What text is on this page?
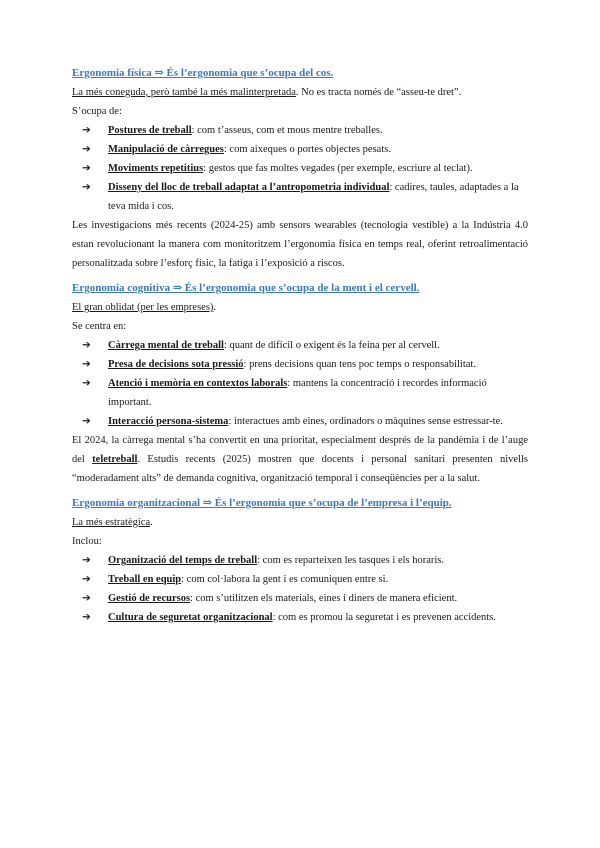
Ergonomia física ⇒ És l’ergonomia que s’ocupa del cos.

La més coneguda, però també la més malinterpretada. No es tracta només de “asseu-te dret”.

S’ocupa de:

➔ Postures de treball: com t’asseus, com et mous mentre treballes.
➔ Manipulació de càrregues: com aixeques o portes objectes pesats.
➔ Moviments repetitius: gestos que fas moltes vegades (per exemple, escriure al teclat).
➔ Disseny del lloc de treball adaptat a l’antropometria individual: cadires, taules, adaptades a la teva mida i cos.

Les investigacions més recents (2024-25) amb sensors wearables (tecnologia vestible) a la Indústria 4.0 estan revolucionant la manera com monitoritzem l’ergonomia física en temps real, oferint retroalimentació personalitzada sobre l’esforç físic, la fatiga i l’exposició a riscos.

Ergonomia cognitiva ⇒ És l’ergonomia que s’ocupa de la ment i el cervell.

El gran oblidat (per les empreses).

Se centra en:

➔ Càrrega mental de treball: quant de difícil o exigent és la feina per al cervell.
➔ Presa de decisions sota pressió: prens decisions quan tens poc temps o responsabilitat.
➔ Atenció i memòria en contextos laborals: mantens la concentració i recordes informació important.
➔ Interacció persona-sistema: interactues amb eines, ordinadors o màquines sense estressar-te.

El 2024, la càrrega mental s’ha convertit en una prioritat, especialment després de la pandèmia i de l’auge del teletreball. Estudis recents (2025) mostren que docents i personal sanitari presenten nivells “moderadament alts” de demanda cognitiva, organització temporal i conseqüències per a la salut.

Ergonomia organitzacional ⇒ És l’ergonomia que s’ocupa de l’empresa i l’equip.

La més estratègica.

Inclou:

➔ Organització del temps de treball: com es reparteixen les tasques i els horaris.
➔ Treball en equip: com col·labora la gent i es comuniquen entre si.
➔ Gestió de recursos: com s’utilitzen els materials, eines i diners de manera eficient.
➔ Cultura de seguretat organitzacional: com es promou la seguretat i es prevenen accidents.
